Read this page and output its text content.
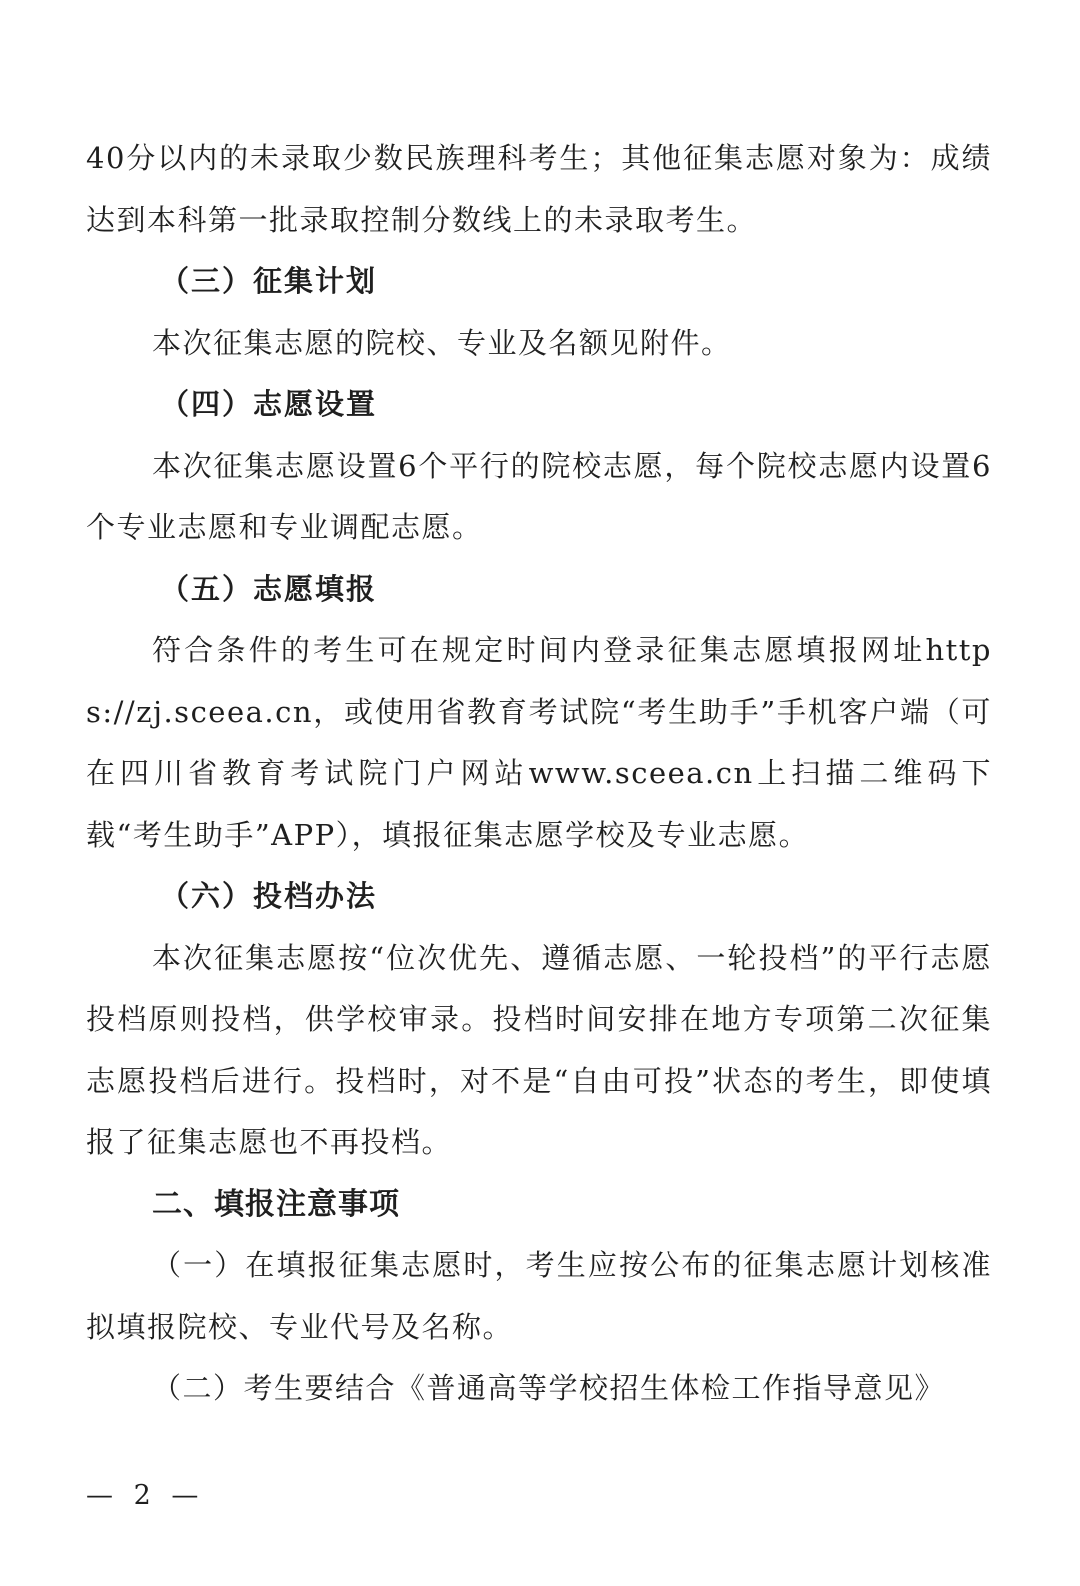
40分以内的未录取少数民族理科考生；其他征集志愿对象为：成绩达到本科第一批录取控制分数线上的未录取考生。

（三）征集计划

本次征集志愿的院校、专业及名额见附件。

（四）志愿设置

本次征集志愿设置6个平行的院校志愿，每个院校志愿内设置6个专业志愿和专业调配志愿。

（五）志愿填报

符合条件的考生可在规定时间内登录征集志愿填报网址https://zj.sceea.cn，或使用省教育考试院“考生助手”手机客户端（可在四川省教育考试院门户网站www.sceea.cn上扫描二维码下载“考生助手”APP），填报征集志愿学校及专业志愿。

（六）投档办法

本次征集志愿按“位次优先、遵循志愿、一轮投档”的平行志愿投档原则投档，供学校审录。投档时间安排在地方专项第二次征集志愿投档后进行。投档时，对不是“自由可投”状态的考生，即使填报了征集志愿也不再投档。

二、填报注意事项

（一）在填报征集志愿时，考生应按公布的征集志愿计划核准拟填报院校、专业代号及名称。

（二）考生要结合《普通高等学校招生体检工作指导意见》

— 2 —
